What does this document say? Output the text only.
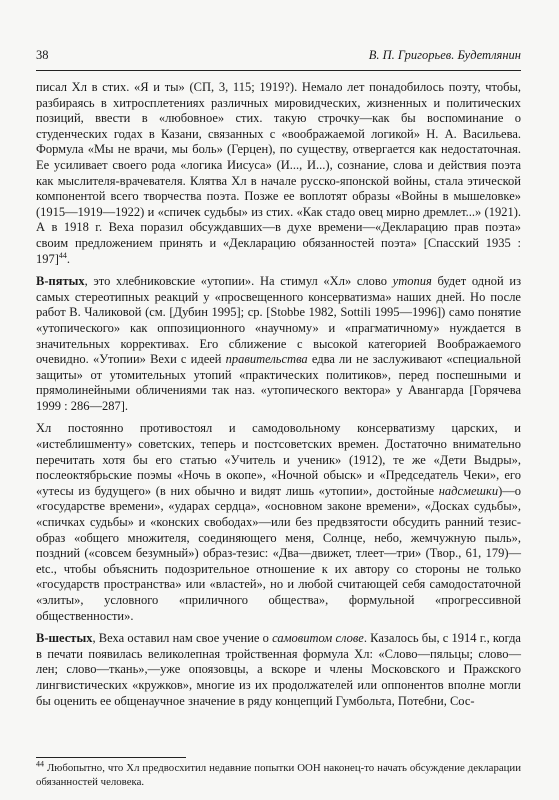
38	В. П. Григорьев. Будетлянин

писал Хл в стих. «Я и ты» (СП, 3, 115; 1919?). Немало лет понадобилось поэту, чтобы, разбираясь в хитросплетениях различных мировидческих, жизненных и политических позиций, ввести в «любовное» стих. такую строчку—как бы воспоминание о студенческих годах в Казани, связанных с «воображаемой логикой» Н. А. Васильева. Формула «Мы не врачи, мы боль» (Герцен), по существу, отвергается как недостаточная. Ее усиливает своего рода «логика Иисуса» (И..., И...), сознание, слова и действия поэта как мыслителя-врачевателя. Клятва Хл в начале русско-японской войны, стала этической компонентой всего творчества поэта. Позже ее воплотят образы «Войны в мышеловке» (1915—1919—1922) и «спичек судьбы» из стих. «Как стадо овец мирно дремлет...» (1921). А в 1918 г. Веха поразил обсуждавших—в духе времени—«Декларацию прав поэта» своим предложением принять и «Декларацию обязанностей поэта» [Спасский 1935 : 197]$^{44}$.

В-пятых, это хлебниковские «утопии». На стимул «Хл» слово утопия будет одной из самых стереотипных реакций у «просвещенного консерватизма» наших дней. Но после работ В. Чаликовой (см. [Дубин 1995]; ср. [Stobbe 1982, Sottili 1995—1996]) само понятие «утопического» как оппозиционного «научному» и «прагматичному» нуждается в значительных коррективах. Его сближение с высокой категорией Воображаемого очевидно. «Утопии» Вехи с идеей правительства едва ли не заслуживают «специальной защиты» от утомительных утопий «практических политиков», перед поспешными и прямолинейными обличениями так наз. «утопического вектора» у Авангарда [Горячева 1999 : 286—287].

Хл постоянно противостоял и самодовольному консерватизму царских, и «истеблишменту» советских, теперь и постсоветских времен. Достаточно внимательно перечитать хотя бы его статью «Учитель и ученик» (1912), те же «Дети Выдры», послеоктябрьские поэмы «Ночь в окопе», «Ночной обыск» и «Председатель Чеки», его «утесы из будущего» (в них обычно и видят лишь «утопии», достойные надсмешки)—о «государстве времени», «ударах сердца», «основном законе времени», «Досках судьбы», «спичках судьбы» и «конских свободах»—или без предвзятости обсудить ранний тезис-образ «общего множителя, соединяющего меня, Солнце, небо, жемчужную пыль», поздний («совсем безумный») образ-тезис: «Два—движет, тлеет—три» (Твор., 61, 179)—etc., чтобы объяснить подозрительное отношение к их автору со стороны не только «государств пространства» или «властей», но и любой считающей себя самодостаточной «элиты», условного «приличного общества», формульной «прогрессивной общественности».

В-шестых, Веха оставил нам свое учение о самовитом слове. Казалось бы, с 1914 г., когда в печати появилась великолепная тройственная формула Хл: «Слово—пяльцы; слово—лен; слово—ткань»,—уже опоязовцы, а вскоре и члены Московского и Пражского лингвистических «кружков», многие из их продолжателей или оппонентов вполне могли бы оценить ее общенаучное значение в ряду концепций Гумбольта, Потебни, Сос-

$^{44}$ Любопытно, что Хл предвосхитил недавние попытки ООН наконец-то начать обсуждение декларации обязанностей человека.
